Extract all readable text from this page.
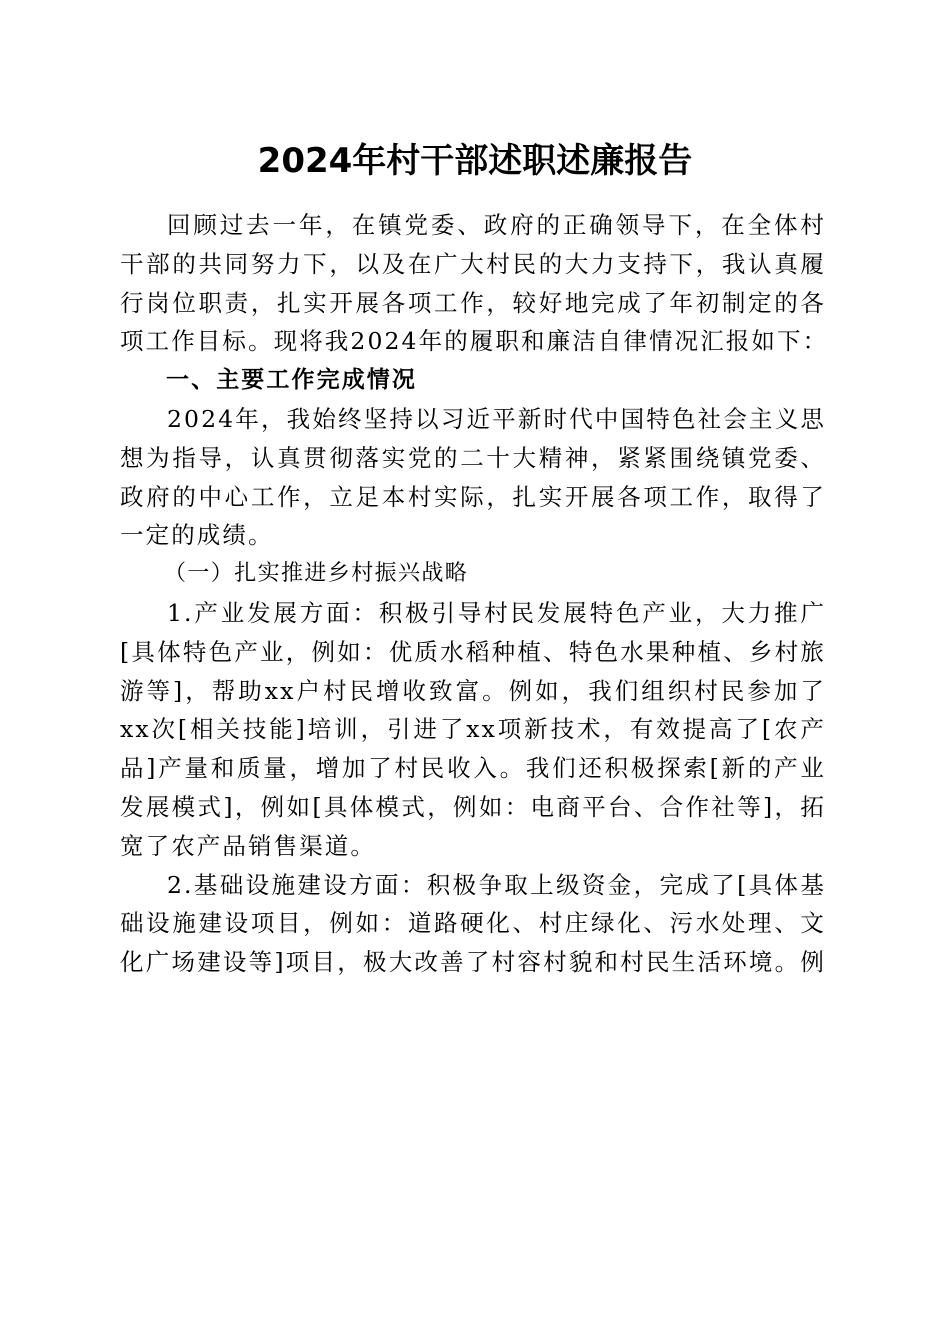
2024年村干部述职述廉报告

回顾过去一年，在镇党委、政府的正确领导下，在全体村
干部的共同努力下，以及在广大村民的大力支持下，我认真履
行岗位职责，扎实开展各项工作，较好地完成了年初制定的各
项工作目标。现将我2024年的履职和廉洁自律情况汇报如下：

一、主要工作完成情况

2024年，我始终坚持以习近平新时代中国特色社会主义思
想为指导，认真贯彻落实党的二十大精神，紧紧围绕镇党委、
政府的中心工作，立足本村实际，扎实开展各项工作，取得了
一定的成绩。

（一）扎实推进乡村振兴战略

1.产业发展方面：积极引导村民发展特色产业，大力推广
[具体特色产业，例如：优质水稻种植、特色水果种植、乡村旅
游等]，帮助xx户村民增收致富。例如，我们组织村民参加了
xx次[相关技能]培训，引进了xx项新技术，有效提高了[农产
品]产量和质量，增加了村民收入。我们还积极探索[新的产业
发展模式]，例如[具体模式，例如：电商平台、合作社等]，拓
宽了农产品销售渠道。

2.基础设施建设方面：积极争取上级资金，完成了[具体基
础设施建设项目，例如：道路硬化、村庄绿化、污水处理、文
化广场建设等]项目，极大改善了村容村貌和村民生活环境。例
